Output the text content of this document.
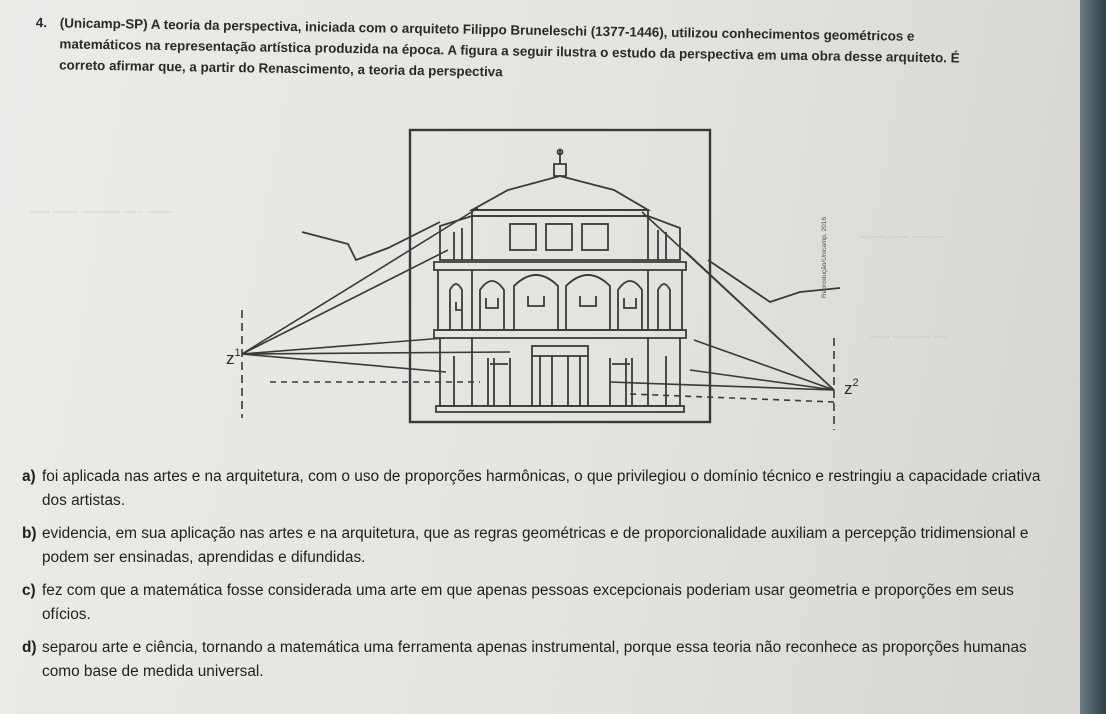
~~~ ~~~~ ~~~~~~ ~~~ ~~~~
~~~~ ~~~ ~~~~~
~~~ ~~~~~~ ~~
4. (Unicamp-SP) A teoria da perspectiva, iniciada com o arquiteto Filippo Bruneleschi (1377-1446), utilizou conhecimentos geométricos e matemáticos na representação artística produzida na época. A figura a seguir ilustra o estudo da perspectiva em uma obra desse arquiteto. É correto afirmar que, a partir do Renascimento, a teoria da perspectiva
$z^1$
$z^2$
Reprodução/Unicamp, 2016
a) foi aplicada nas artes e na arquitetura, com o uso de proporções harmônicas, o que privilegiou o domínio técnico e restringiu a capacidade criativa dos artistas.
b) evidencia, em sua aplicação nas artes e na arquitetura, que as regras geométricas e de proporcionalidade auxiliam a percepção tridimensional e podem ser ensinadas, aprendidas e difundidas.
c) fez com que a matemática fosse considerada uma arte em que apenas pessoas excepcionais poderiam usar geometria e proporções em seus ofícios.
d) separou arte e ciência, tornando a matemática uma ferramenta apenas instrumental, porque essa teoria não reconhece as proporções humanas como base de medida universal.
